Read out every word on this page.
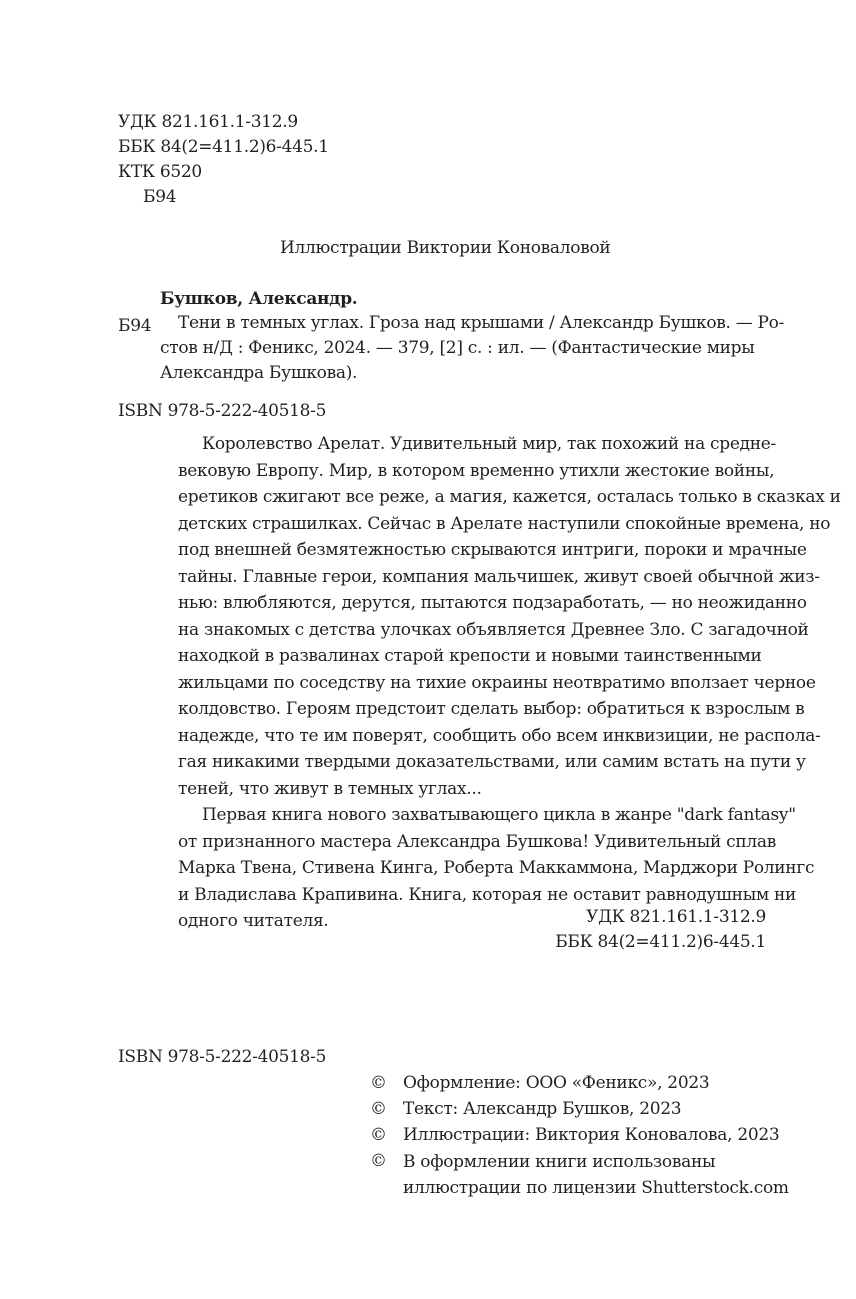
УДК 821.161.1-312.9
ББК 84(2=411.2)6-445.1
КТК 6520
Б94
Иллюстрации Виктории Коноваловой
Бушков, Александр.
Б94	Тени в темных углах. Гроза над крышами / Александр Бушков. — Ро-
стов н/Д : Феникс, 2024. — 379, [2] с. : ил. — (Фантастические миры
Александра Бушкова).
ISBN 978-5-222-40518-5
Королевство Арелат. Удивительный мир, так похожий на средне-
вековую Европу. Мир, в котором временно утихли жестокие войны,
еретиков сжигают все реже, а магия, кажется, осталась только в сказках и
детских страшилках. Сейчас в Арелате наступили спокойные времена, но
под внешней безмятежностью скрываются интриги, пороки и мрачные
тайны. Главные герои, компания мальчишек, живут своей обычной жиз-
нью: влюбляются, дерутся, пытаются подзаработать, — но неожиданно
на знакомых с детства улочках объявляется Древнее Зло. С загадочной
находкой в развалинах старой крепости и новыми таинственными
жильцами по соседству на тихие окраины неотвратимо вползает черное
колдовство. Героям предстоит сделать выбор: обратиться к взрослым в
надежде, что те им поверят, сообщить обо всем инквизиции, не распола-
гая никакими твердыми доказательствами, или самим встать на пути у
теней, что живут в темных углах...
Первая книга нового захватывающего цикла в жанре "dark fantasy"
от признанного мастера Александра Бушкова! Удивительный сплав
Марка Твена, Стивена Кинга, Роберта Маккаммона, Марджори Ролингс
и Владислава Крапивина. Книга, которая не оставит равнодушным ни
одного читателя.	УДК 821.161.1-312.9
ББК 84(2=411.2)6-445.1
ISBN 978-5-222-40518-5
© Оформление: ООО «Феникс», 2023
© Текст: Александр Бушков, 2023
© Иллюстрации: Виктория Коновалова, 2023
© В оформлении книги использованы
иллюстрации по лицензии Shutterstock.com
